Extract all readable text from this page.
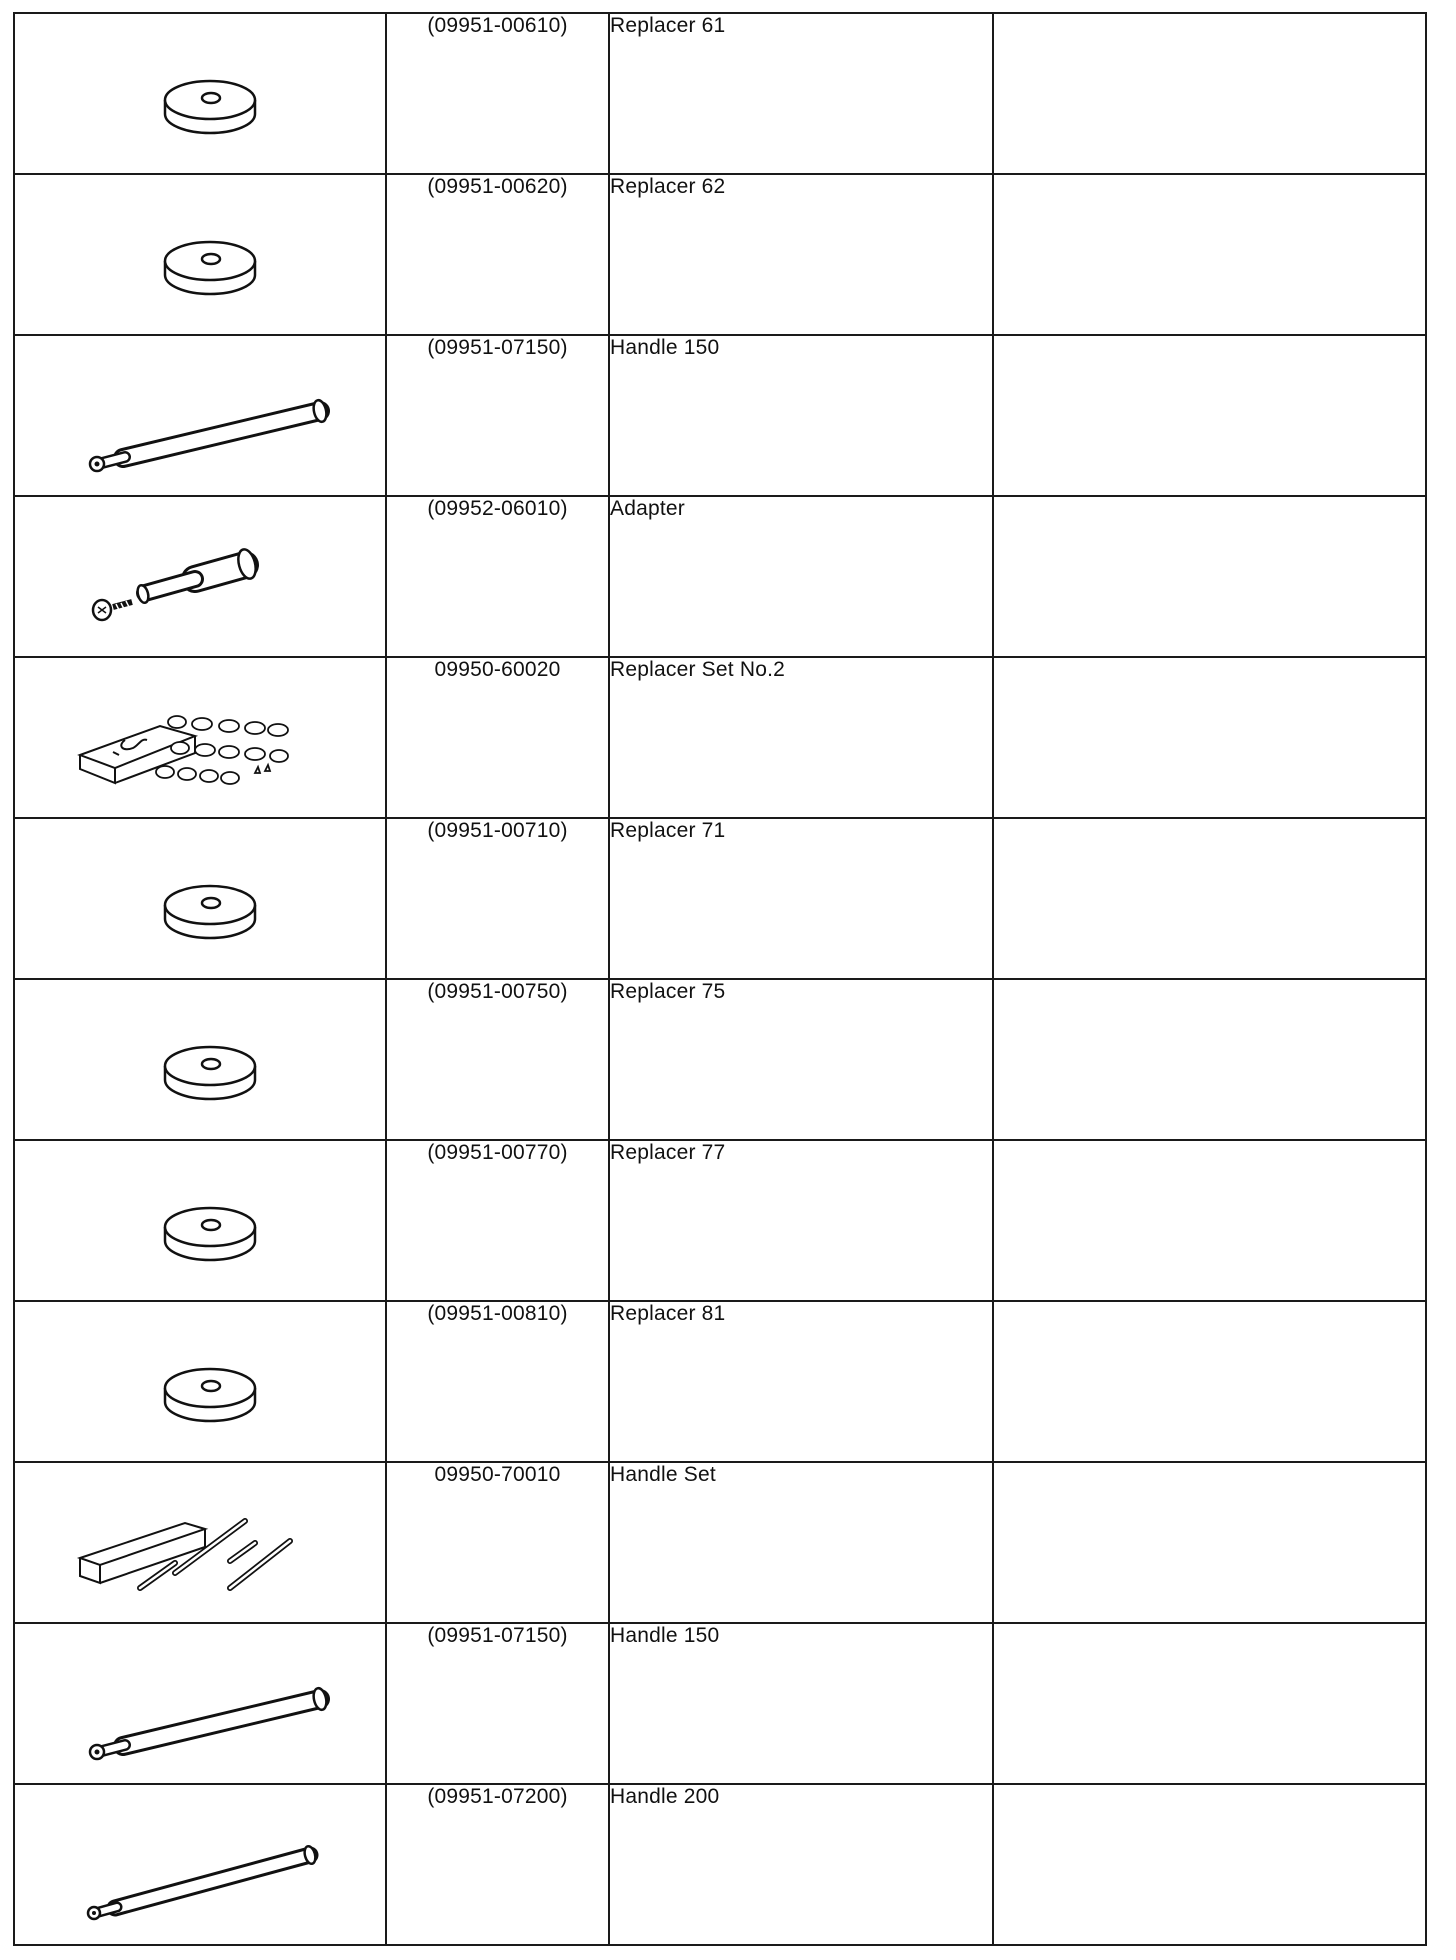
	(09951-00610)	Replacer 61	

	(09951-00620)	Replacer 62	

	(09951-07150)	Handle 150	

	(09952-06010)	Adapter	

	09950-60020	Replacer Set No.2	

	(09951-00710)	Replacer 71	

	(09951-00750)	Replacer 75	

	(09951-00770)	Replacer 77	

	(09951-00810)	Replacer 81	

	09950-70010	Handle Set	

	(09951-07150)	Handle 150	

	(09951-07200)	Handle 200	
